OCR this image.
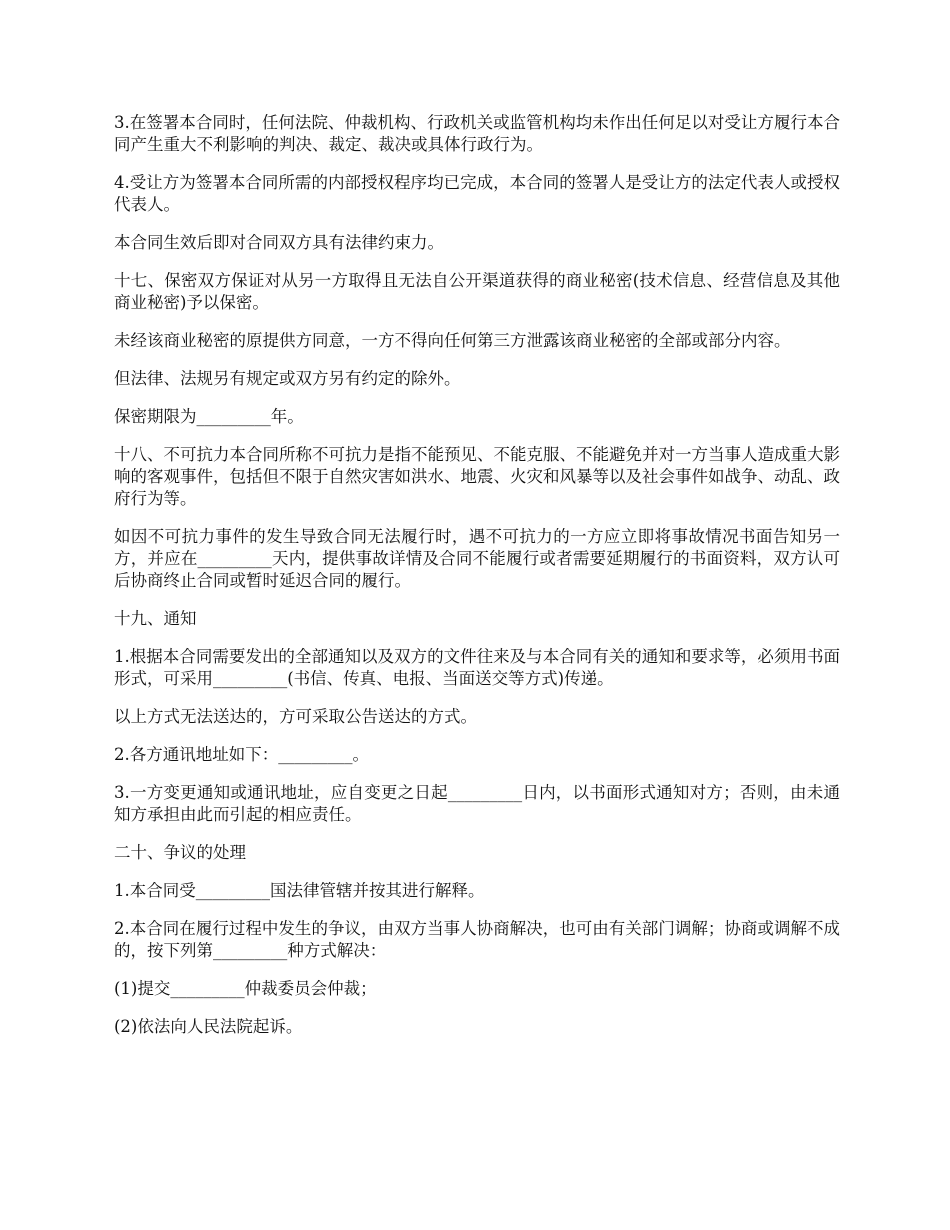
3.在签署本合同时，任何法院、仲裁机构、行政机关或监管机构均未作出任何足以对受让方履行本合同产生重大不利影响的判决、裁定、裁决或具体行政行为。

4.受让方为签署本合同所需的内部授权程序均已完成，本合同的签署人是受让方的法定代表人或授权代表人。

本合同生效后即对合同双方具有法律约束力。

十七、保密双方保证对从另一方取得且无法自公开渠道获得的商业秘密(技术信息、经营信息及其他商业秘密)予以保密。

未经该商业秘密的原提供方同意，一方不得向任何第三方泄露该商业秘密的全部或部分内容。

但法律、法规另有规定或双方另有约定的除外。

保密期限为_________年。

十八、不可抗力本合同所称不可抗力是指不能预见、不能克服、不能避免并对一方当事人造成重大影响的客观事件，包括但不限于自然灾害如洪水、地震、火灾和风暴等以及社会事件如战争、动乱、政府行为等。

如因不可抗力事件的发生导致合同无法履行时，遇不可抗力的一方应立即将事故情况书面告知另一方，并应在_________天内，提供事故详情及合同不能履行或者需要延期履行的书面资料，双方认可后协商终止合同或暂时延迟合同的履行。

十九、通知

1.根据本合同需要发出的全部通知以及双方的文件往来及与本合同有关的通知和要求等，必须用书面形式，可采用_________(书信、传真、电报、当面送交等方式)传递。

以上方式无法送达的，方可采取公告送达的方式。

2.各方通讯地址如下：_________。

3.一方变更通知或通讯地址，应自变更之日起_________日内，以书面形式通知对方；否则，由未通知方承担由此而引起的相应责任。

二十、争议的处理

1.本合同受_________国法律管辖并按其进行解释。

2.本合同在履行过程中发生的争议，由双方当事人协商解决，也可由有关部门调解；协商或调解不成的，按下列第_________种方式解决：

(1)提交_________仲裁委员会仲裁；

(2)依法向人民法院起诉。
